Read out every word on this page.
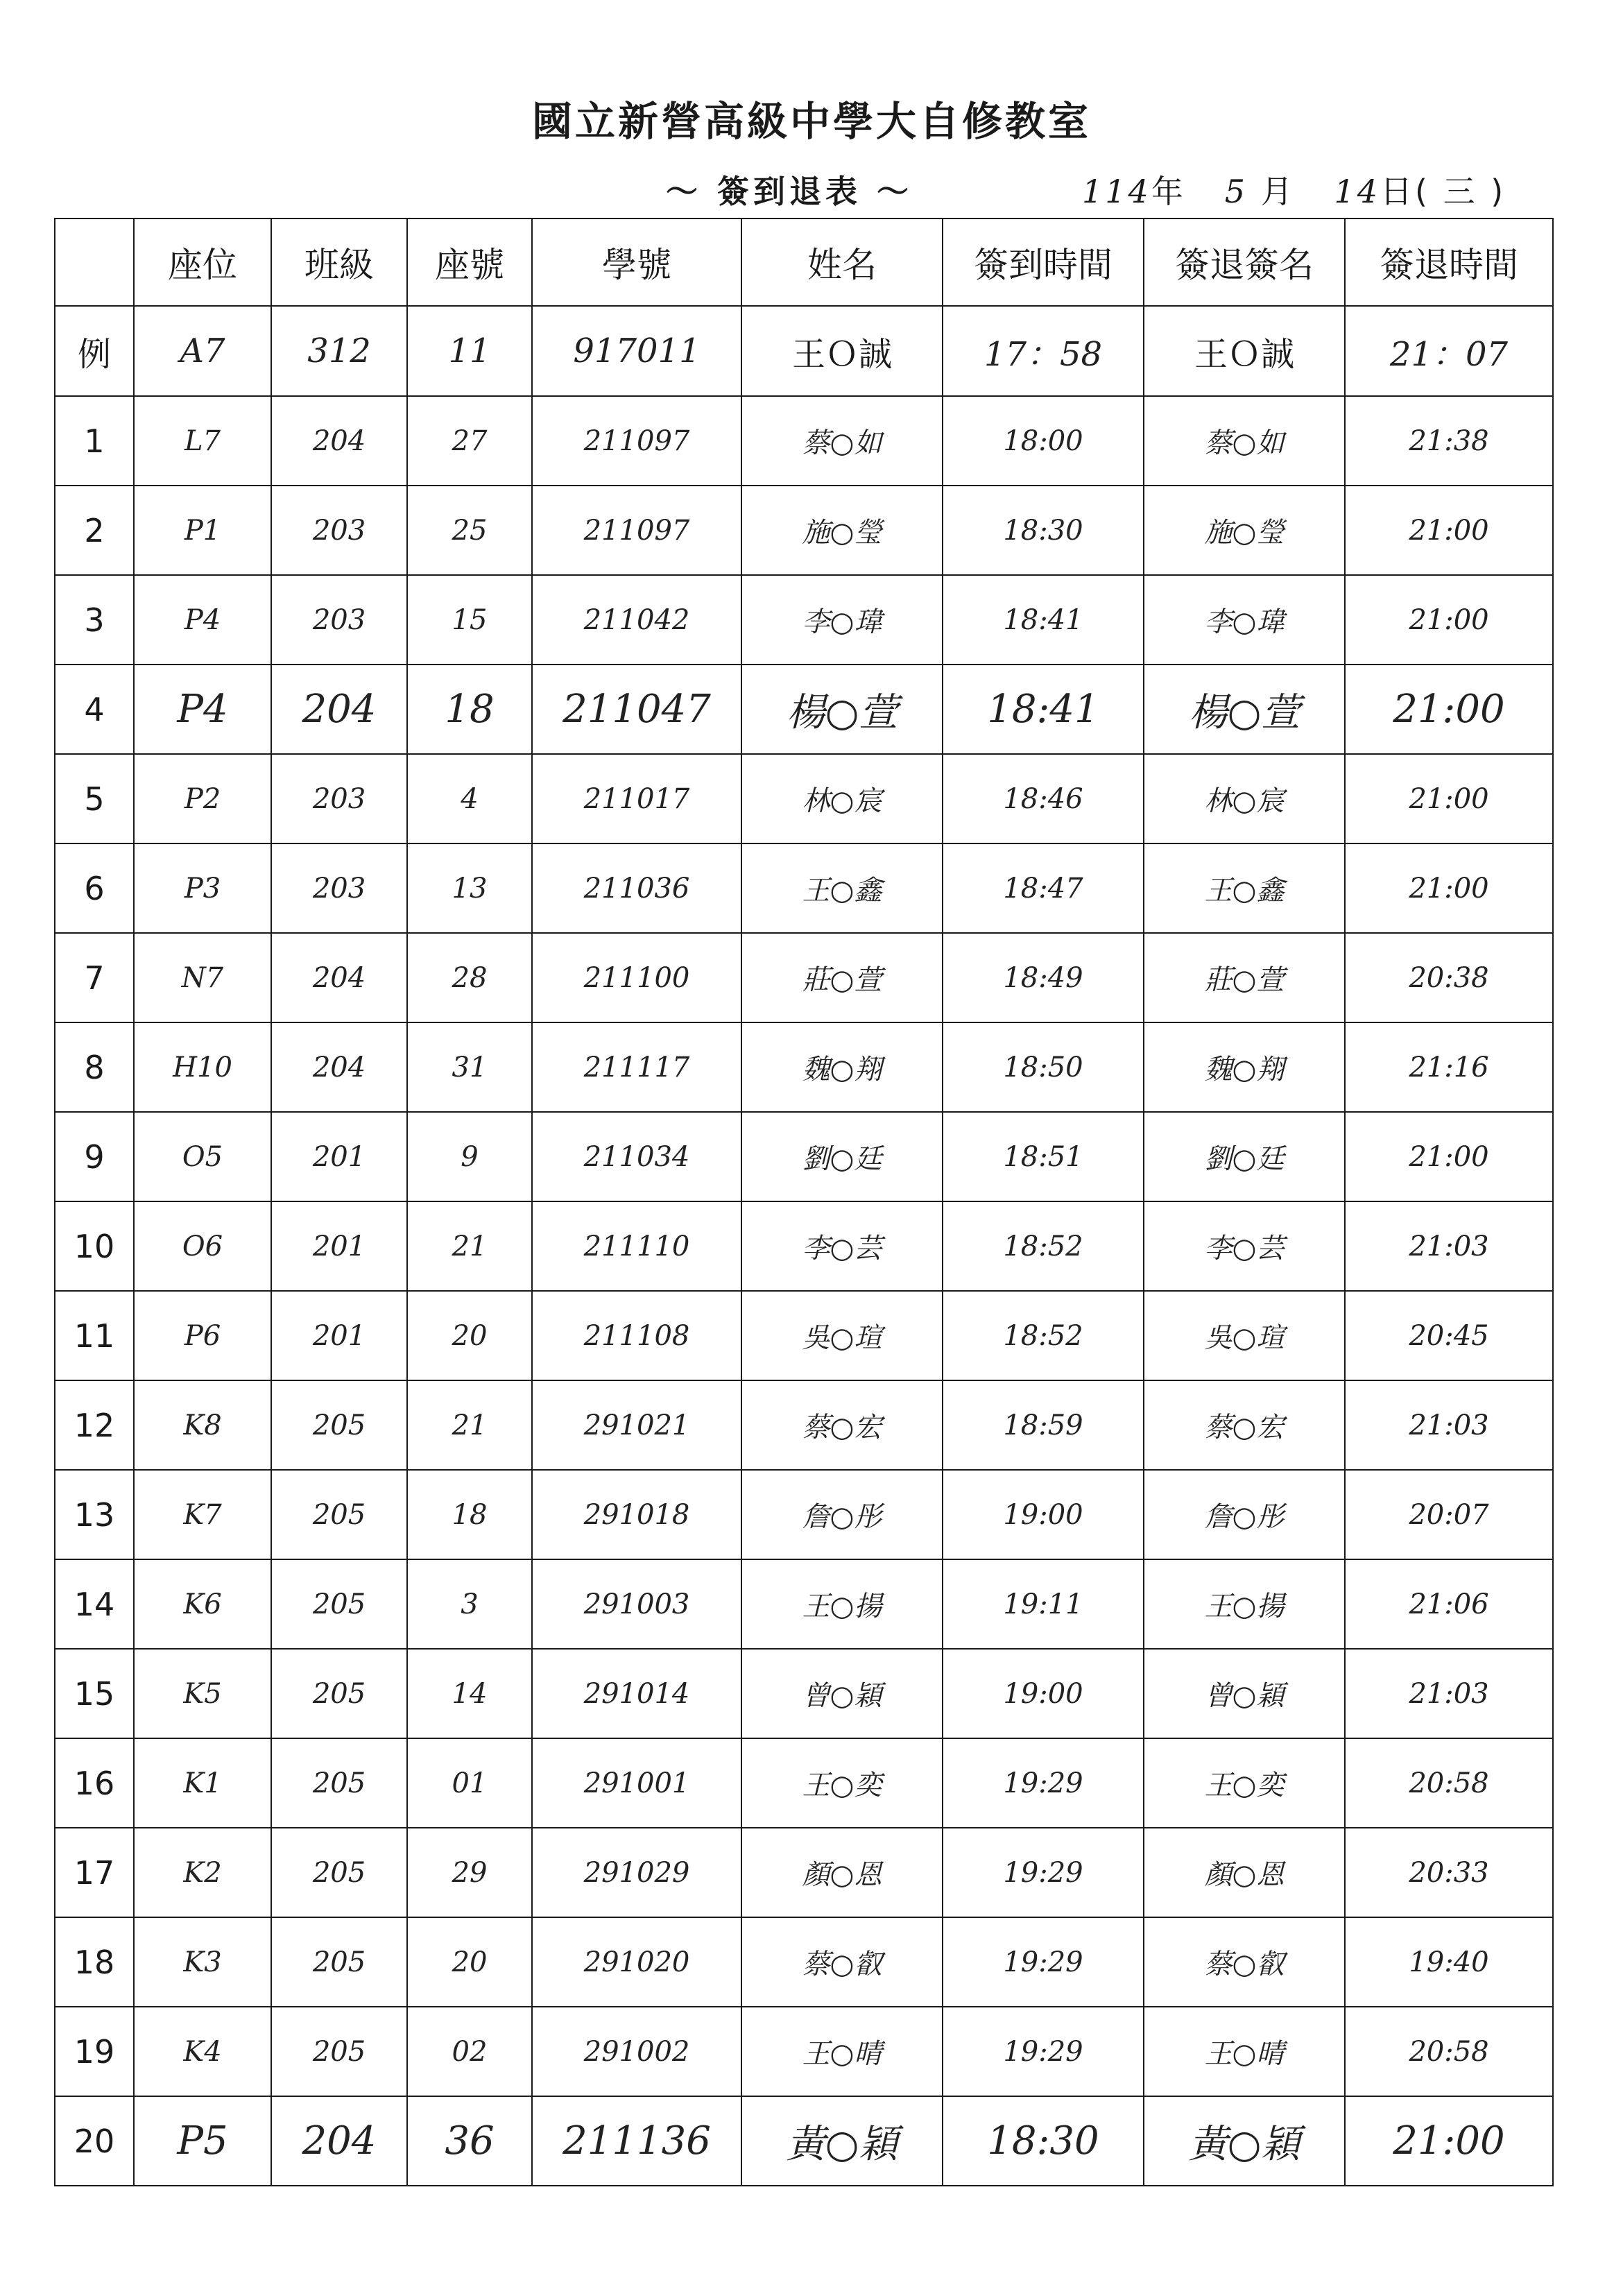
國立新營高級中學大自修教室
〜 簽到退表 〜	114年 5 月 14日( 三 )
	座位	班級	座號	學號	姓名	簽到時間	簽退簽名	簽退時間
例	A7	312	11	917011	王Ｏ誠	17：58	王Ｏ誠	21：07
1	L7	204	27	211097	蔡○如	18:00	蔡○如	21:38
2	P1	203	25	211097	施○瑩	18:30	施○瑩	21:00
3	P4	203	15	211042	李○瑋	18:41	李○瑋	21:00
4	P4	204	18	211047	楊○萱	18:41	楊○萱	21:00
5	P2	203	4	211017	林○宸	18:46	林○宸	21:00
6	P3	203	13	211036	王○鑫	18:47	王○鑫	21:00
7	N7	204	28	211100	莊○萱	18:49	莊○萱	20:38
8	H10	204	31	211117	魏○翔	18:50	魏○翔	21:16
9	O5	201	9	211034	劉○廷	18:51	劉○廷	21:00
10	O6	201	21	211110	李○芸	18:52	李○芸	21:03
11	P6	201	20	211108	吳○瑄	18:52	吳○瑄	20:45
12	K8	205	21	291021	蔡○宏	18:59	蔡○宏	21:03
13	K7	205	18	291018	詹○彤	19:00	詹○彤	20:07
14	K6	205	3	291003	王○揚	19:11	王○揚	21:06
15	K5	205	14	291014	曾○穎	19:00	曾○穎	21:03
16	K1	205	01	291001	王○奕	19:29	王○奕	20:58
17	K2	205	29	291029	顏○恩	19:29	顏○恩	20:33
18	K3	205	20	291020	蔡○叡	19:29	蔡○叡	19:40
19	K4	205	02	291002	王○晴	19:29	王○晴	20:58
20	P5	204	36	211136	黃○穎	18:30	黃○穎	21:00
